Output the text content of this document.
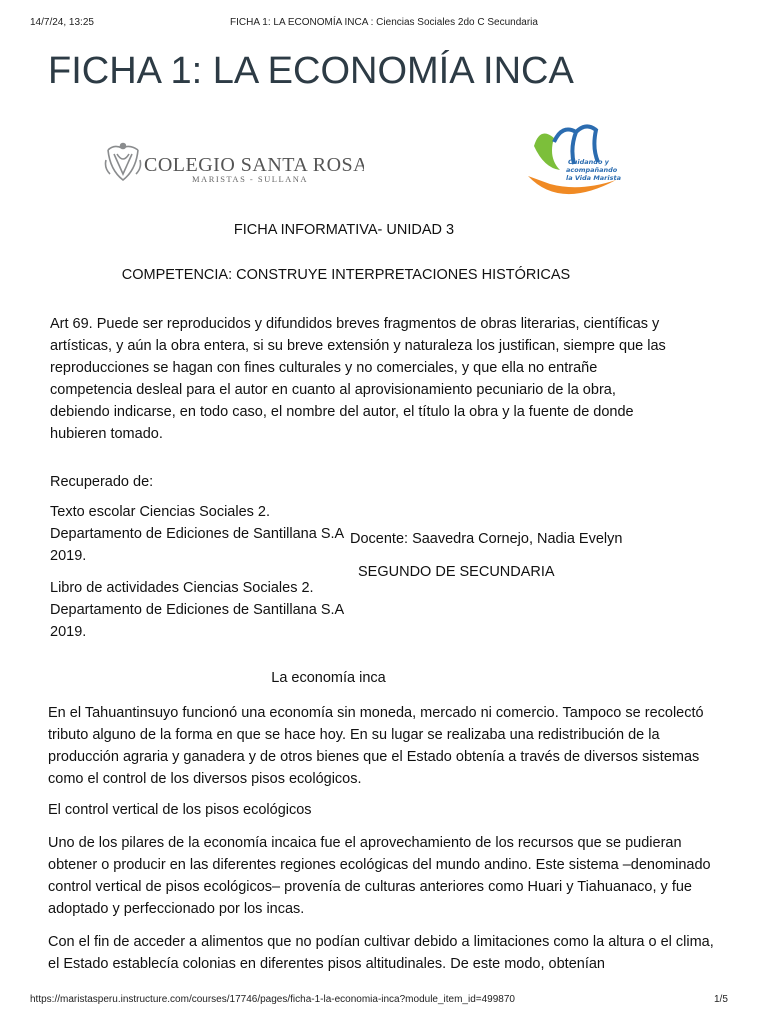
14/7/24, 13:25	FICHA 1: LA ECONOMÍA INCA : Ciencias Sociales 2do C Secundaria
FICHA 1: LA ECONOMÍA INCA
COLEGIO SANTA ROSA
MARISTAS - SULLANA
Cuidando y
acompañando
la Vida Marista
FICHA INFORMATIVA- UNIDAD 3
COMPETENCIA: CONSTRUYE INTERPRETACIONES HISTÓRICAS

Art 69. Puede ser reproducidos y difundidos breves fragmentos de obras literarias, científicas y artísticas, y aún la obra entera, si su breve extensión y naturaleza los justifican, siempre que las reproducciones se hagan con fines culturales y no comerciales, y que ella no entrañe competencia desleal para el autor en cuanto al aprovisionamiento pecuniario de la obra, debiendo indicarse, en todo caso, el nombre del autor, el título la obra y la fuente de donde hubieren tomado.

Recuperado de:

Texto escolar Ciencias Sociales 2. Departamento de Ediciones de Santillana S.A 2019.

Libro de actividades Ciencias Sociales 2. Departamento de Ediciones de Santillana S.A 2019.

Docente: Saavedra Cornejo, Nadia Evelyn
SEGUNDO DE SECUNDARIA
La economía inca

En el Tahuantinsuyo funcionó una economía sin moneda, mercado ni comercio. Tampoco se recolectó tributo alguno de la forma en que se hace hoy. En su lugar se realizaba una redistribución de la producción agraria y ganadera y de otros bienes que el Estado obtenía a través de diversos sistemas como el control de los diversos pisos ecológicos.

El control vertical de los pisos ecológicos

Uno de los pilares de la economía incaica fue el aprovechamiento de los recursos que se pudieran obtener o producir en las diferentes regiones ecológicas del mundo andino. Este sistema –denominado control vertical de pisos ecológicos– provenía de culturas anteriores como Huari y Tiahuanaco, y fue adoptado y perfeccionado por los incas.

Con el fin de acceder a alimentos que no podían cultivar debido a limitaciones como la altura o el clima, el Estado establecía colonias en diferentes pisos altitudinales. De este modo, obtenían

https://maristasperu.instructure.com/courses/17746/pages/ficha-1-la-economia-inca?module_item_id=499870	1/5
